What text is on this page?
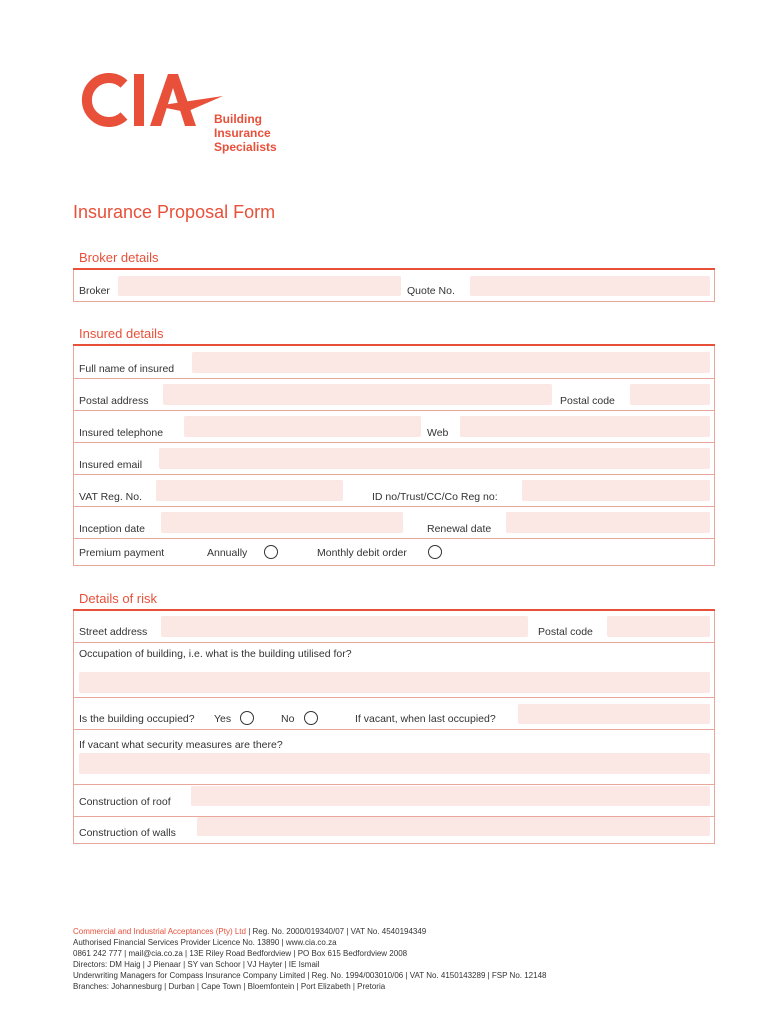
Building
Insurance
Specialists
Insurance Proposal Form
Broker details
Broker	Quote No.
Insured details
Full name of insured
Postal address	Postal code
Insured telephone	Web
Insured email
VAT Reg. No.	ID no/Trust/CC/Co Reg no:
Inception date	Renewal date
Premium payment	Annually	Monthly debit order
Details of risk
Street address	Postal code
Occupation of building, i.e. what is the building utilised for?
Is the building occupied? Yes	No	If vacant, when last occupied?
If vacant what security measures are there?
Construction of roof
Construction of walls
Commercial and Industrial Acceptances (Pty) Ltd | Reg. No. 2000/019340/07 | VAT No. 4540194349
Authorised Financial Services Provider Licence No. 13890 | www.cia.co.za
0861 242 777 | mail@cia.co.za | 13E Riley Road Bedfordview | PO Box 615 Bedfordview 2008
Directors: DM Haig | J Pienaar | SY van Schoor | VJ Hayter | IE Ismail
Underwriting Managers for Compass Insurance Company Limited | Reg. No. 1994/003010/06 | VAT No. 4150143289 | FSP No. 12148
Branches: Johannesburg | Durban | Cape Town | Bloemfontein | Port Elizabeth | Pretoria
